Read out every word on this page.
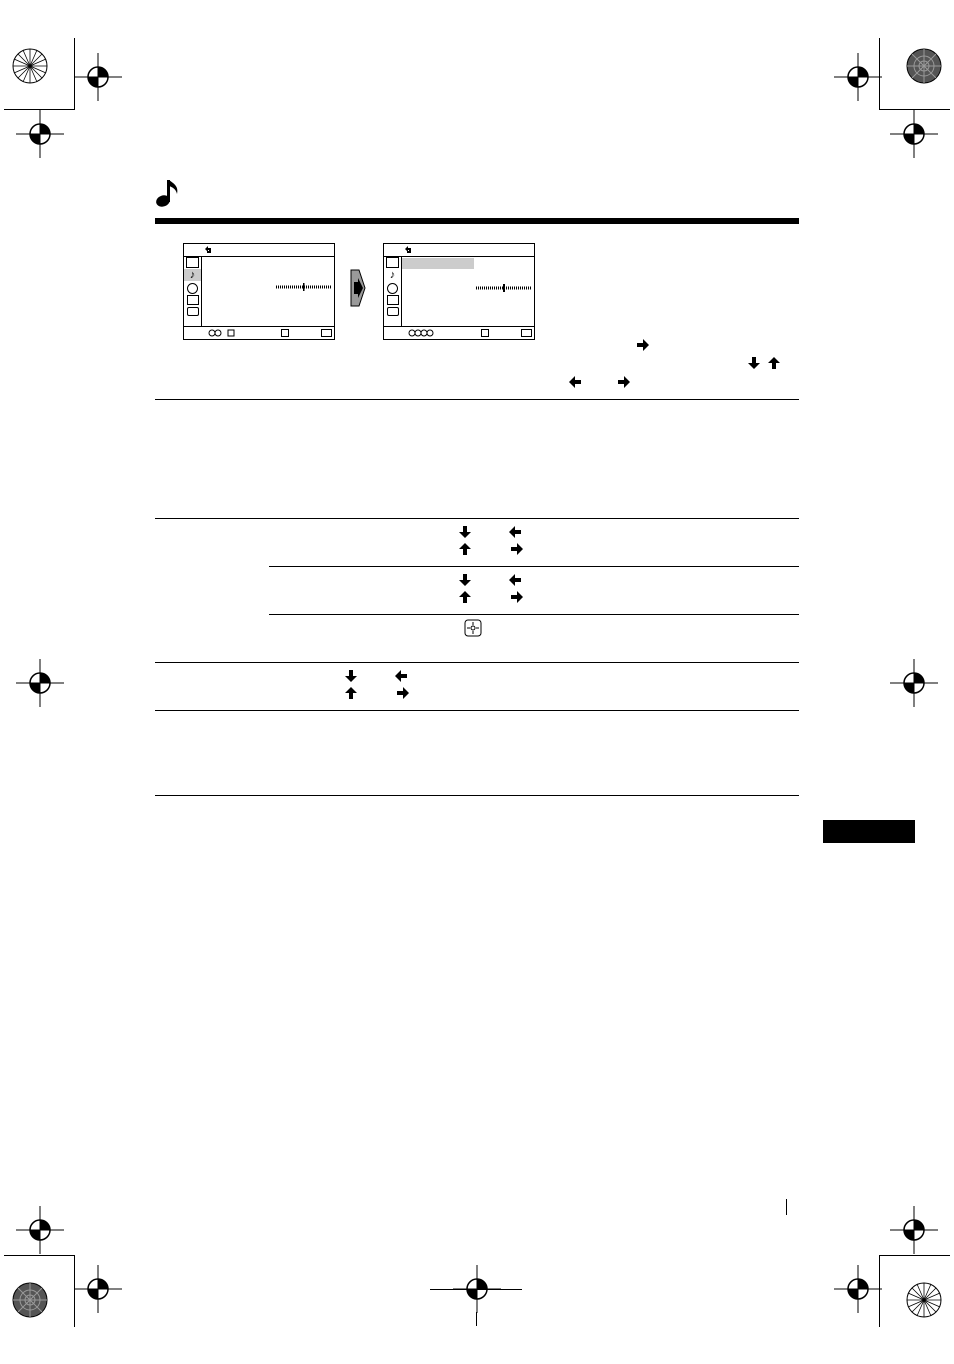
♪	♪
